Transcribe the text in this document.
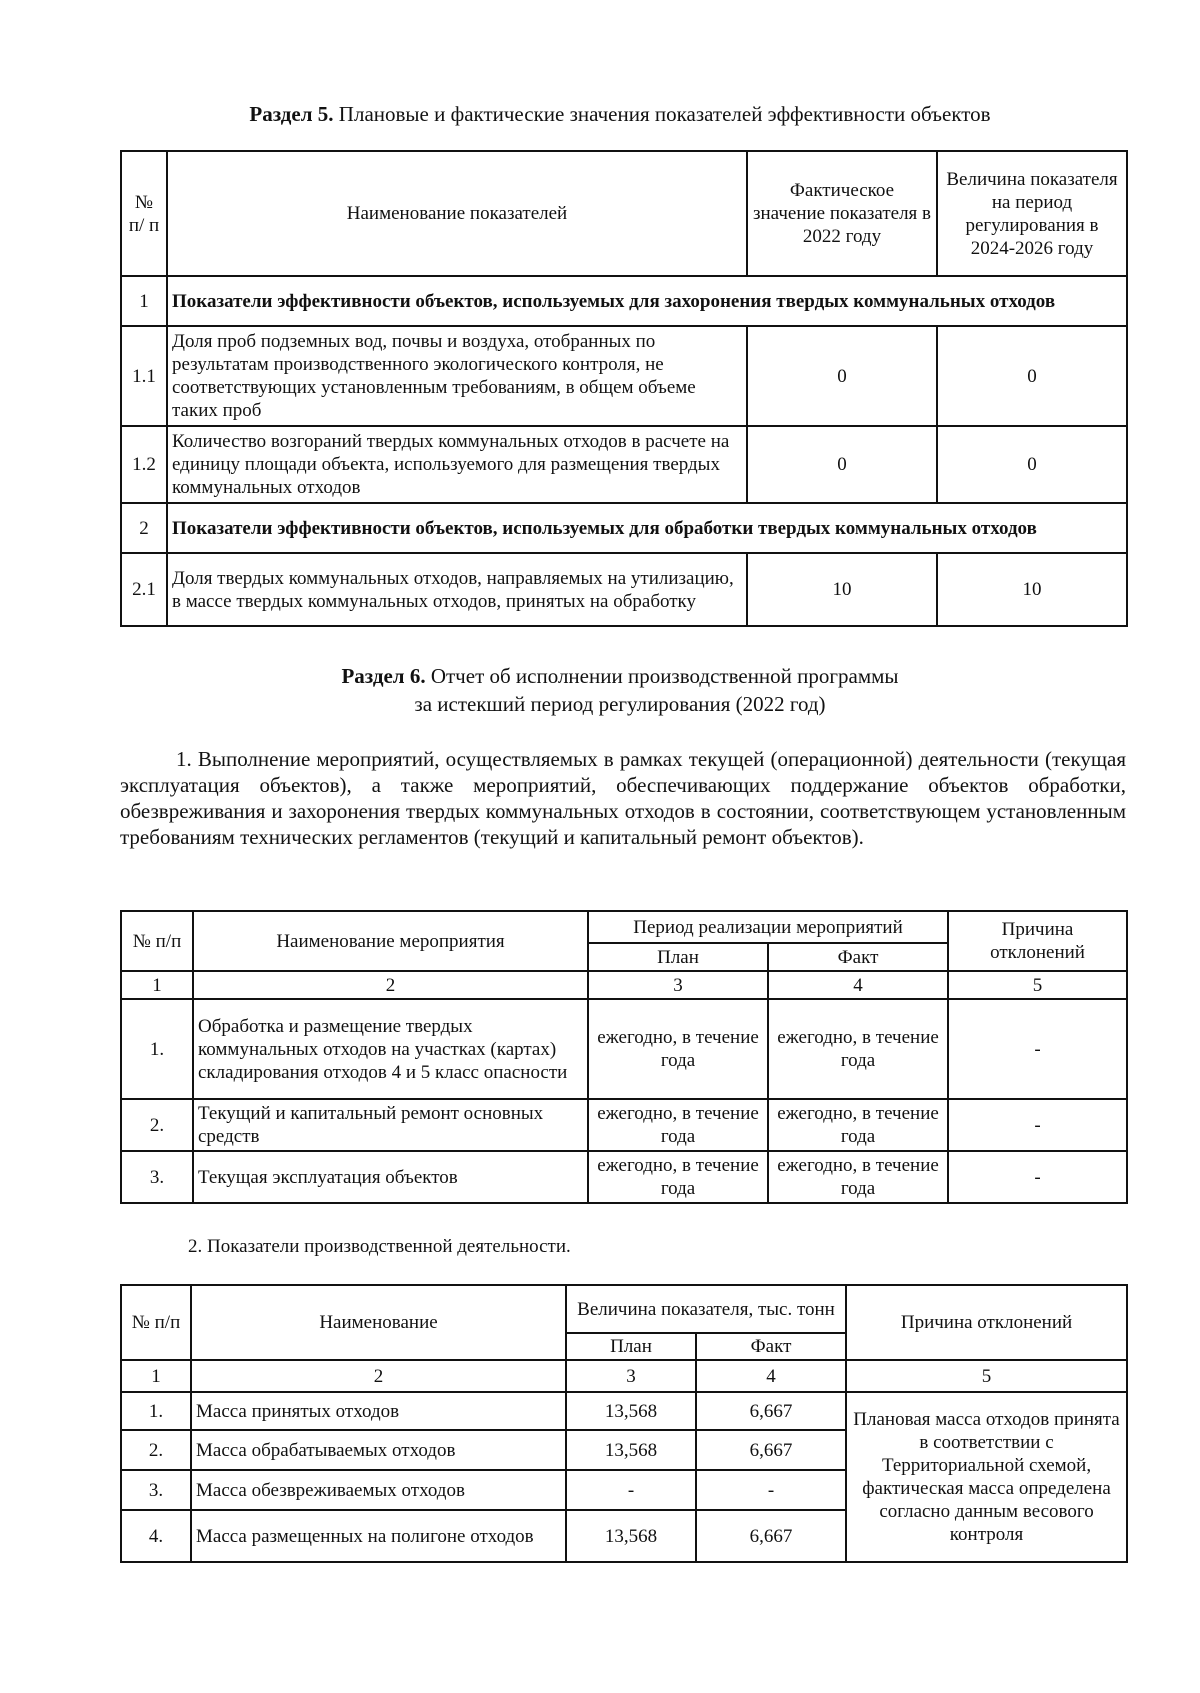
Раздел 5. Плановые и фактические значения показателей эффективности объектов
№ п/ п	Наименование показателей	Фактическое значение показателя в 2022 году	Величина показателя на период регулирования в 2024-2026 году
1	Показатели эффективности объектов, используемых для захоронения твердых коммунальных отходов		
1.1	Доля проб подземных вод, почвы и воздуха, отобранных по результатам производственного экологического контроля, не соответствующих установленным требованиям, в общем объеме таких проб	0	0
1.2	Количество возгораний твердых коммунальных отходов в расчете на единицу площади объекта, используемого для размещения твердых коммунальных отходов	0	0
2	Показатели эффективности объектов, используемых для обработки твердых коммунальных отходов		
2.1	Доля твердых коммунальных отходов, направляемых на утилизацию, в массе твердых коммунальных отходов, принятых на обработку	10	10
Раздел 6. Отчет об исполнении производственной программы
за истекший период регулирования (2022 год)
1. Выполнение мероприятий, осуществляемых в рамках текущей (операционной) деятельности (текущая эксплуатация объектов), а также мероприятий, обеспечивающих поддержание объектов обработки, обезвреживания и захоронения твердых коммунальных отходов в состоянии, соответствующем установленным требованиям технических регламентов (текущий и капитальный ремонт объектов).
№ п/п	Наименование мероприятия	Период реализации мероприятий		Причина отклонений
		План	Факт	
1	2	3	4	5
1.	Обработка и размещение твердых коммунальных отходов на участках (картах) складирования отходов 4 и 5 класс опасности	ежегодно, в течение года	ежегодно, в течение года	-
2.	Текущий и капитальный ремонт основных средств	ежегодно, в течение года	ежегодно, в течение года	-
3.	Текущая эксплуатация объектов	ежегодно, в течение года	ежегодно, в течение года	-
2. Показатели производственной деятельности.
№ п/п	Наименование	Величина показателя, тыс. тонн		Причина отклонений
		План	Факт	
1	2	3	4	5
1.	Масса принятых отходов	13,568	6,667	Плановая масса отходов принята в соответствии с Территориальной схемой, фактическая масса определена согласно данным весового контроля
2.	Масса обрабатываемых отходов	13,568	6,667	
3.	Масса обезвреживаемых отходов	-	-	
4.	Масса размещенных на полигоне отходов	13,568	6,667	
